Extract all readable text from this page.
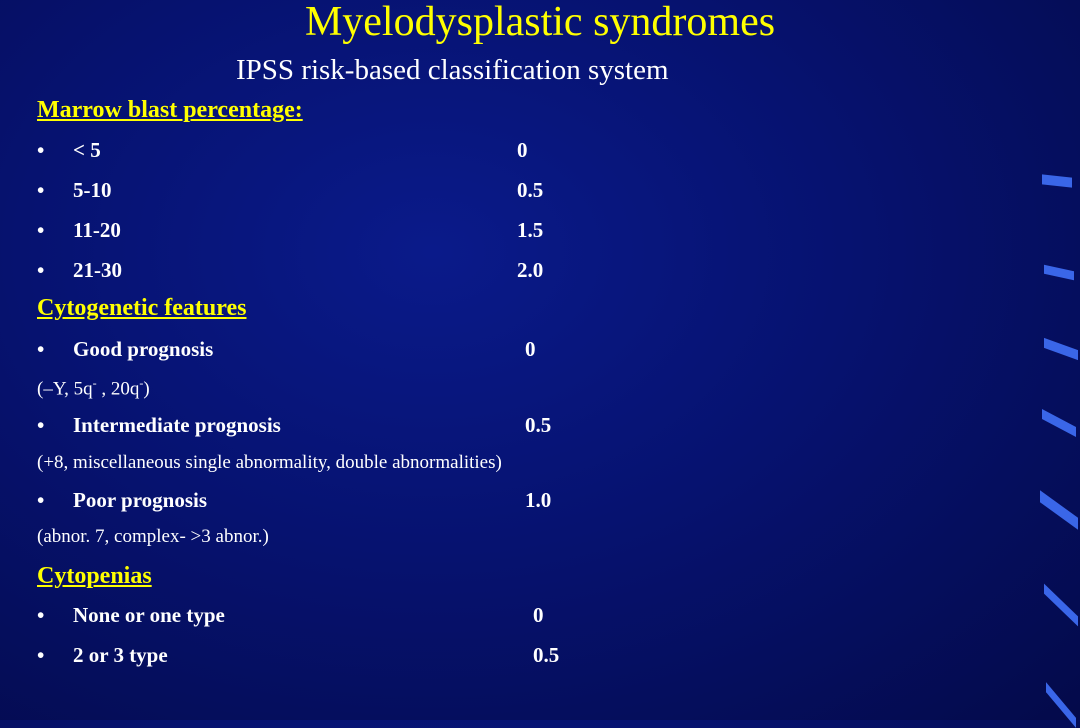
Myelodysplastic syndromes
IPSS risk-based classification system
Marrow blast percentage:
• < 5	0
• 5-10	0.5
• 11-20	1.5
• 21-30	2.0
Cytogenetic features
• Good prognosis	0
(–Y, 5q- , 20q-)
• Intermediate prognosis	0.5
(+8, miscellaneous single abnormality, double abnormalities)
• Poor prognosis	1.0
(abnor. 7, complex- >3 abnor.)
Cytopenias
• None or one type	0
• 2 or 3 type	0.5
